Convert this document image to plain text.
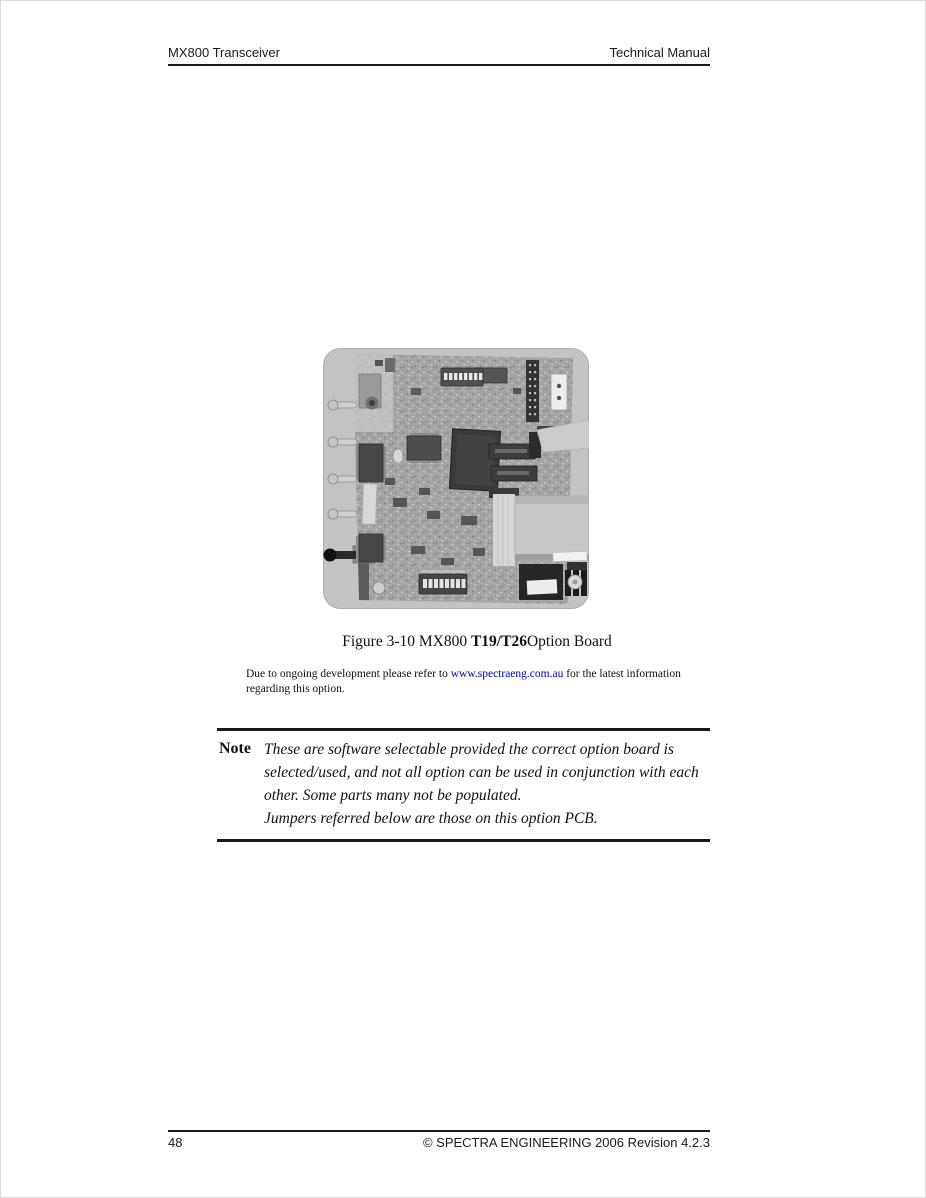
MX800 Transceiver	Technical Manual
Figure 3-10 MX800 T19/T26Option Board
Due to ongoing development please refer to www.spectraeng.com.au for the latest information
regarding this option.
Note These are software selectable provided the correct option board is
selected/used, and not all option can be used in conjunction with each
other. Some parts many not be populated.
Jumpers referred below are those on this option PCB.
48	© SPECTRA ENGINEERING 2006 Revision 4.2.3
